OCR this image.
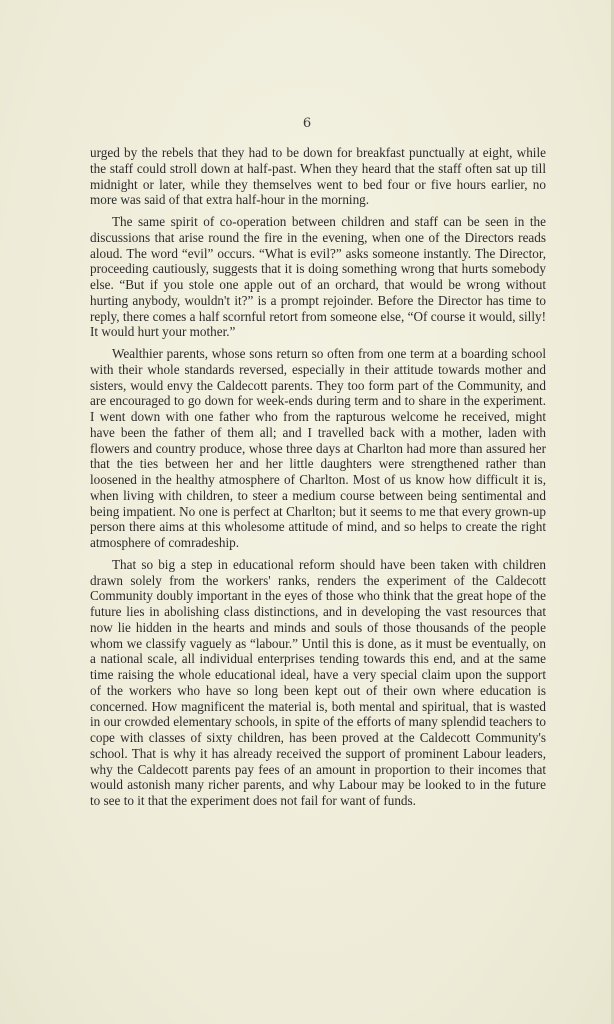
6

urged by the rebels that they had to be down for breakfast punctually at eight, while the staff could stroll down at half-past. When they heard that the staff often sat up till midnight or later, while they themselves went to bed four or five hours earlier, no more was said of that extra half-hour in the morning.

The same spirit of co-operation between children and staff can be seen in the discussions that arise round the fire in the evening, when one of the Directors reads aloud. The word “evil” occurs. “What is evil?” asks someone instantly. The Director, proceeding cautiously, suggests that it is doing something wrong that hurts somebody else. “But if you stole one apple out of an orchard, that would be wrong without hurting anybody, wouldn't it?” is a prompt rejoinder. Before the Director has time to reply, there comes a half scornful retort from someone else, “Of course it would, silly! It would hurt your mother.”

Wealthier parents, whose sons return so often from one term at a boarding school with their whole standards reversed, especially in their attitude towards mother and sisters, would envy the Caldecott parents. They too form part of the Community, and are encouraged to go down for week-ends during term and to share in the experiment. I went down with one father who from the rapturous welcome he received, might have been the father of them all; and I travelled back with a mother, laden with flowers and country produce, whose three days at Charlton had more than assured her that the ties between her and her little daughters were strengthened rather than loosened in the healthy atmosphere of Charlton. Most of us know how difficult it is, when living with children, to steer a medium course between being sentimental and being impatient. No one is perfect at Charlton; but it seems to me that every grown-up person there aims at this wholesome attitude of mind, and so helps to create the right atmosphere of comradeship.

That so big a step in educational reform should have been taken with children drawn solely from the workers' ranks, renders the experiment of the Caldecott Community doubly important in the eyes of those who think that the great hope of the future lies in abolishing class distinctions, and in developing the vast resources that now lie hidden in the hearts and minds and souls of those thousands of the people whom we classify vaguely as “labour.” Until this is done, as it must be eventually, on a national scale, all individual enterprises tending towards this end, and at the same time raising the whole educational ideal, have a very special claim upon the support of the workers who have so long been kept out of their own where education is concerned. How magnificent the material is, both mental and spiritual, that is wasted in our crowded elementary schools, in spite of the efforts of many splendid teachers to cope with classes of sixty children, has been proved at the Caldecott Community's school. That is why it has already received the support of prominent Labour leaders, why the Caldecott parents pay fees of an amount in proportion to their incomes that would astonish many richer parents, and why Labour may be looked to in the future to see to it that the experiment does not fail for want of funds.
